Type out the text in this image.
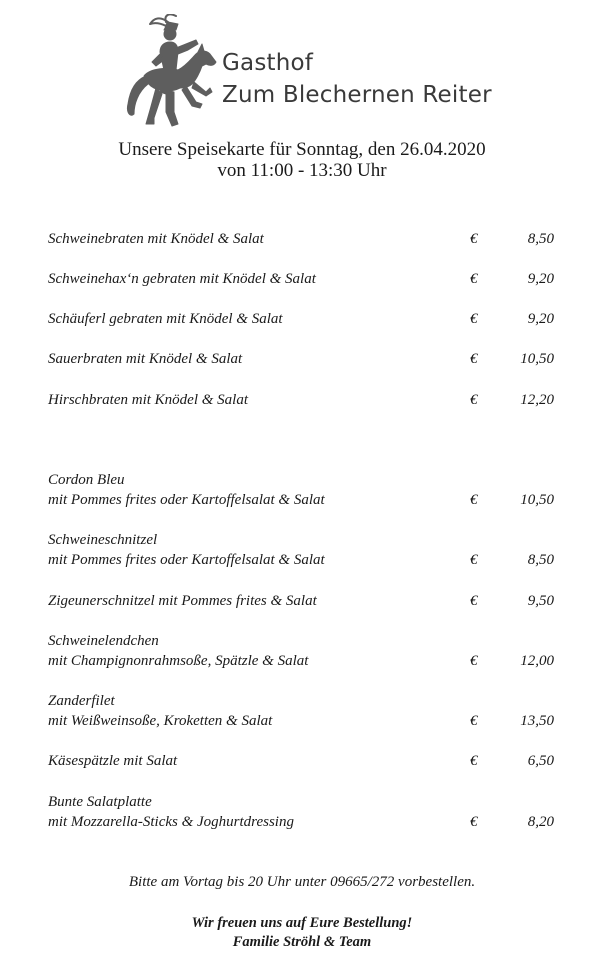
Gasthof
Zum Blechernen Reiter
Unsere Speisekarte für Sonntag, den 26.04.2020
von 11:00 - 13:30 Uhr
Schweinebraten mit Knödel & Salat	€	8,50
Schweinehax‘n gebraten mit Knödel & Salat	€	9,20
Schäuferl gebraten mit Knödel & Salat	€	9,20
Sauerbraten mit Knödel & Salat	€	10,50
Hirschbraten mit Knödel & Salat	€	12,20
Cordon Bleu
mit Pommes frites oder Kartoffelsalat & Salat	€	10,50
Schweineschnitzel
mit Pommes frites oder Kartoffelsalat & Salat	€	8,50
Zigeunerschnitzel mit Pommes frites & Salat	€	9,50
Schweinelendchen
mit Champignonrahmsoße, Spätzle & Salat	€	12,00
Zanderfilet
mit Weißweinsoße, Kroketten & Salat	€	13,50
Käsespätzle mit Salat	€	6,50
Bunte Salatplatte
mit Mozzarella-Sticks & Joghurtdressing	€	8,20
Bitte am Vortag bis 20 Uhr unter 09665/272 vorbestellen.
Wir freuen uns auf Eure Bestellung!
Familie Ströhl & Team
